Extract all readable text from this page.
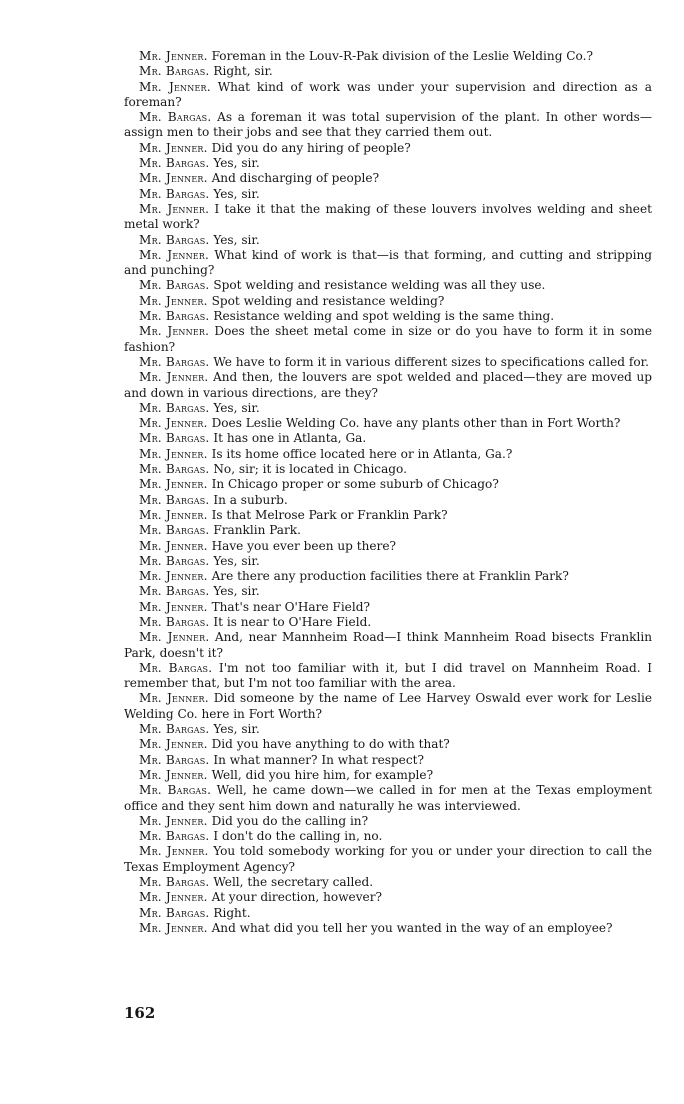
Mr. Jenner. Foreman in the Louv-R-Pak division of the Leslie Welding Co.?

Mr. Bargas. Right, sir.

Mr. Jenner. What kind of work was under your supervision and direction as a foreman?

Mr. Bargas. As a foreman it was total supervision of the plant. In other words—assign men to their jobs and see that they carried them out.

Mr. Jenner. Did you do any hiring of people?

Mr. Bargas. Yes, sir.

Mr. Jenner. And discharging of people?

Mr. Bargas. Yes, sir.

Mr. Jenner. I take it that the making of these louvers involves welding and sheet metal work?

Mr. Bargas. Yes, sir.

Mr. Jenner. What kind of work is that—is that forming, and cutting and stripping and punching?

Mr. Bargas. Spot welding and resistance welding was all they use.

Mr. Jenner. Spot welding and resistance welding?

Mr. Bargas. Resistance welding and spot welding is the same thing.

Mr. Jenner. Does the sheet metal come in size or do you have to form it in some fashion?

Mr. Bargas. We have to form it in various different sizes to specifications called for.

Mr. Jenner. And then, the louvers are spot welded and placed—they are moved up and down in various directions, are they?

Mr. Bargas. Yes, sir.

Mr. Jenner. Does Leslie Welding Co. have any plants other than in Fort Worth?

Mr. Bargas. It has one in Atlanta, Ga.

Mr. Jenner. Is its home office located here or in Atlanta, Ga.?

Mr. Bargas. No, sir; it is located in Chicago.

Mr. Jenner. In Chicago proper or some suburb of Chicago?

Mr. Bargas. In a suburb.

Mr. Jenner. Is that Melrose Park or Franklin Park?

Mr. Bargas. Franklin Park.

Mr. Jenner. Have you ever been up there?

Mr. Bargas. Yes, sir.

Mr. Jenner. Are there any production facilities there at Franklin Park?

Mr. Bargas. Yes, sir.

Mr. Jenner. That's near O'Hare Field?

Mr. Bargas. It is near to O'Hare Field.

Mr. Jenner. And, near Mannheim Road—I think Mannheim Road bisects Franklin Park, doesn't it?

Mr. Bargas. I'm not too familiar with it, but I did travel on Mannheim Road. I remember that, but I'm not too familiar with the area.

Mr. Jenner. Did someone by the name of Lee Harvey Oswald ever work for Leslie Welding Co. here in Fort Worth?

Mr. Bargas. Yes, sir.

Mr. Jenner. Did you have anything to do with that?

Mr. Bargas. In what manner? In what respect?

Mr. Jenner. Well, did you hire him, for example?

Mr. Bargas. Well, he came down—we called in for men at the Texas employment office and they sent him down and naturally he was interviewed.

Mr. Jenner. Did you do the calling in?

Mr. Bargas. I don't do the calling in, no.

Mr. Jenner. You told somebody working for you or under your direction to call the Texas Employment Agency?

Mr. Bargas. Well, the secretary called.

Mr. Jenner. At your direction, however?

Mr. Bargas. Right.

Mr. Jenner. And what did you tell her you wanted in the way of an employee?

162
